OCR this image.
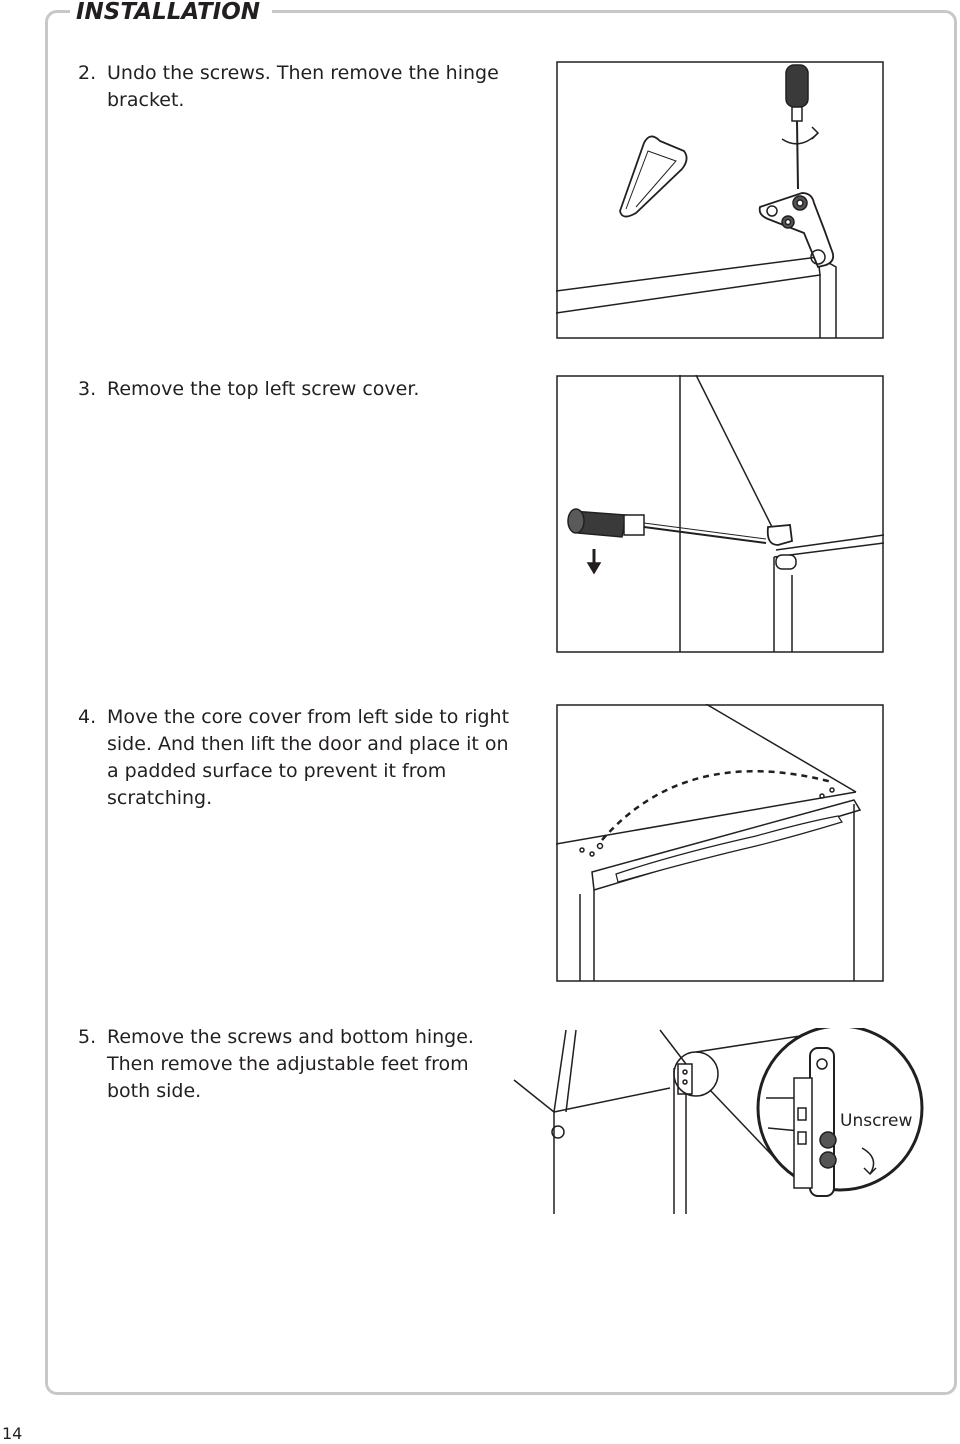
INSTALLATION
2. Undo the screws. Then remove the hinge bracket.
3. Remove the top left screw cover.
4. Move the core cover from left side to right side. And then lift the door and place it on a padded surface to prevent it from scratching.
5. Remove the screws and bottom hinge. Then remove the adjustable feet from both side.
Unscrew
14
